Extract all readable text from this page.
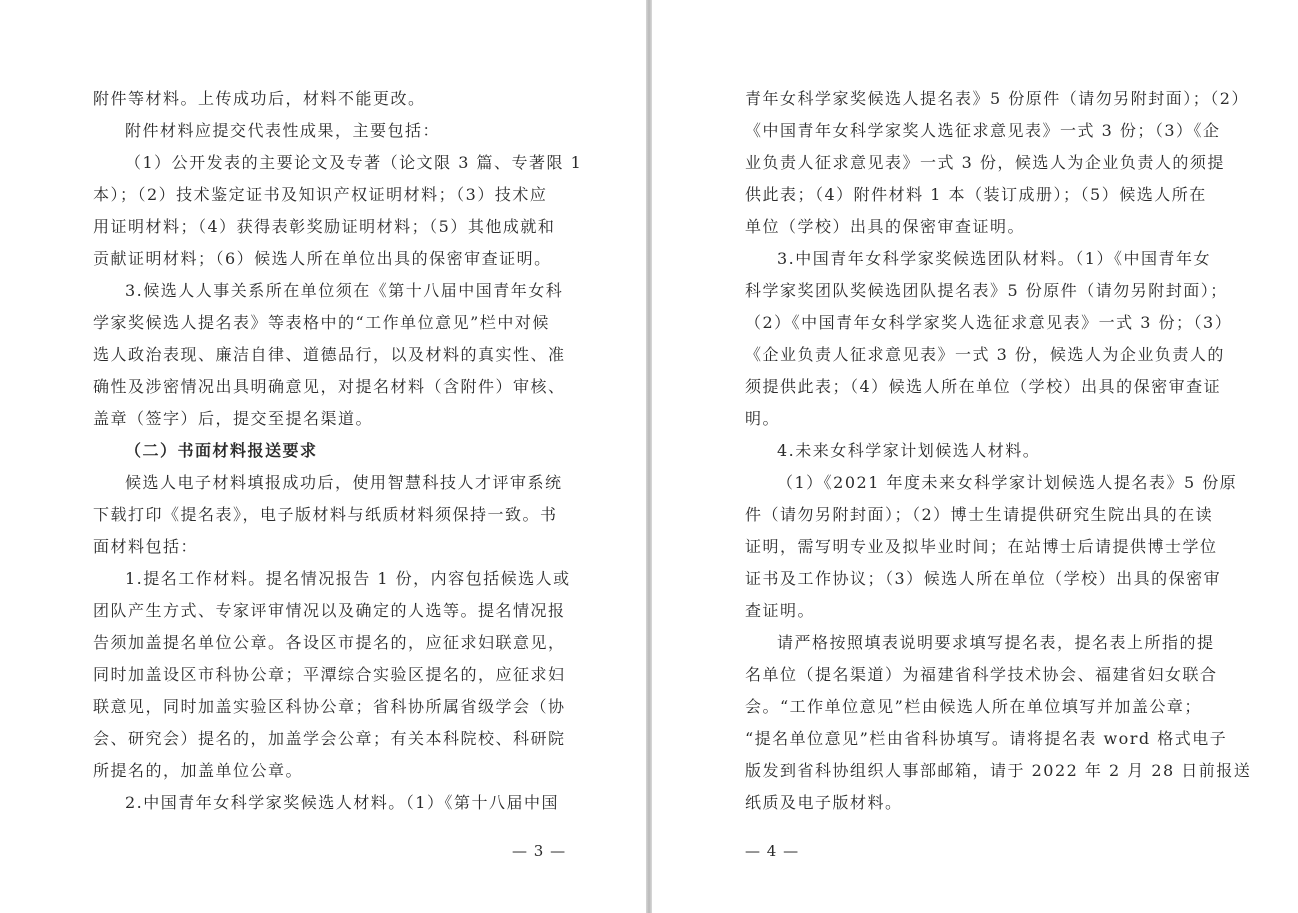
附件等材料。上传成功后，材料不能更改。
附件材料应提交代表性成果，主要包括：
（1）公开发表的主要论文及专著（论文限 3 篇、专著限 1
本）；（2）技术鉴定证书及知识产权证明材料；（3）技术应
用证明材料；（4）获得表彰奖励证明材料；（5）其他成就和
贡献证明材料；（6）候选人所在单位出具的保密审查证明。
3.候选人人事关系所在单位须在《第十八届中国青年女科
学家奖候选人提名表》等表格中的“工作单位意见”栏中对候
选人政治表现、廉洁自律、道德品行，以及材料的真实性、准
确性及涉密情况出具明确意见，对提名材料（含附件）审核、
盖章（签字）后，提交至提名渠道。
（二）书面材料报送要求
候选人电子材料填报成功后，使用智慧科技人才评审系统
下载打印《提名表》，电子版材料与纸质材料须保持一致。书
面材料包括：
1.提名工作材料。提名情况报告 1 份，内容包括候选人或
团队产生方式、专家评审情况以及确定的人选等。提名情况报
告须加盖提名单位公章。各设区市提名的，应征求妇联意见，
同时加盖设区市科协公章；平潭综合实验区提名的，应征求妇
联意见，同时加盖实验区科协公章；省科协所属省级学会（协
会、研究会）提名的，加盖学会公章；有关本科院校、科研院
所提名的，加盖单位公章。
2.中国青年女科学家奖候选人材料。（1）《第十八届中国
— 3 —
青年女科学家奖候选人提名表》5 份原件（请勿另附封面）；（2）
《中国青年女科学家奖人选征求意见表》一式 3 份；（3）《企
业负责人征求意见表》一式 3 份，候选人为企业负责人的须提
供此表；（4）附件材料 1 本（装订成册）；（5）候选人所在
单位（学校）出具的保密审查证明。
3.中国青年女科学家奖候选团队材料。（1）《中国青年女
科学家奖团队奖候选团队提名表》5 份原件（请勿另附封面）；
（2）《中国青年女科学家奖人选征求意见表》一式 3 份；（3）
《企业负责人征求意见表》一式 3 份，候选人为企业负责人的
须提供此表；（4）候选人所在单位（学校）出具的保密审查证
明。
4.未来女科学家计划候选人材料。
（1）《2021 年度未来女科学家计划候选人提名表》5 份原
件（请勿另附封面）；（2）博士生请提供研究生院出具的在读
证明，需写明专业及拟毕业时间；在站博士后请提供博士学位
证书及工作协议；（3）候选人所在单位（学校）出具的保密审
查证明。
请严格按照填表说明要求填写提名表，提名表上所指的提
名单位（提名渠道）为福建省科学技术协会、福建省妇女联合
会。“工作单位意见”栏由候选人所在单位填写并加盖公章；
“提名单位意见”栏由省科协填写。请将提名表 word 格式电子
版发到省科协组织人事部邮箱，请于 2022 年 2 月 28 日前报送
纸质及电子版材料。
— 4 —
